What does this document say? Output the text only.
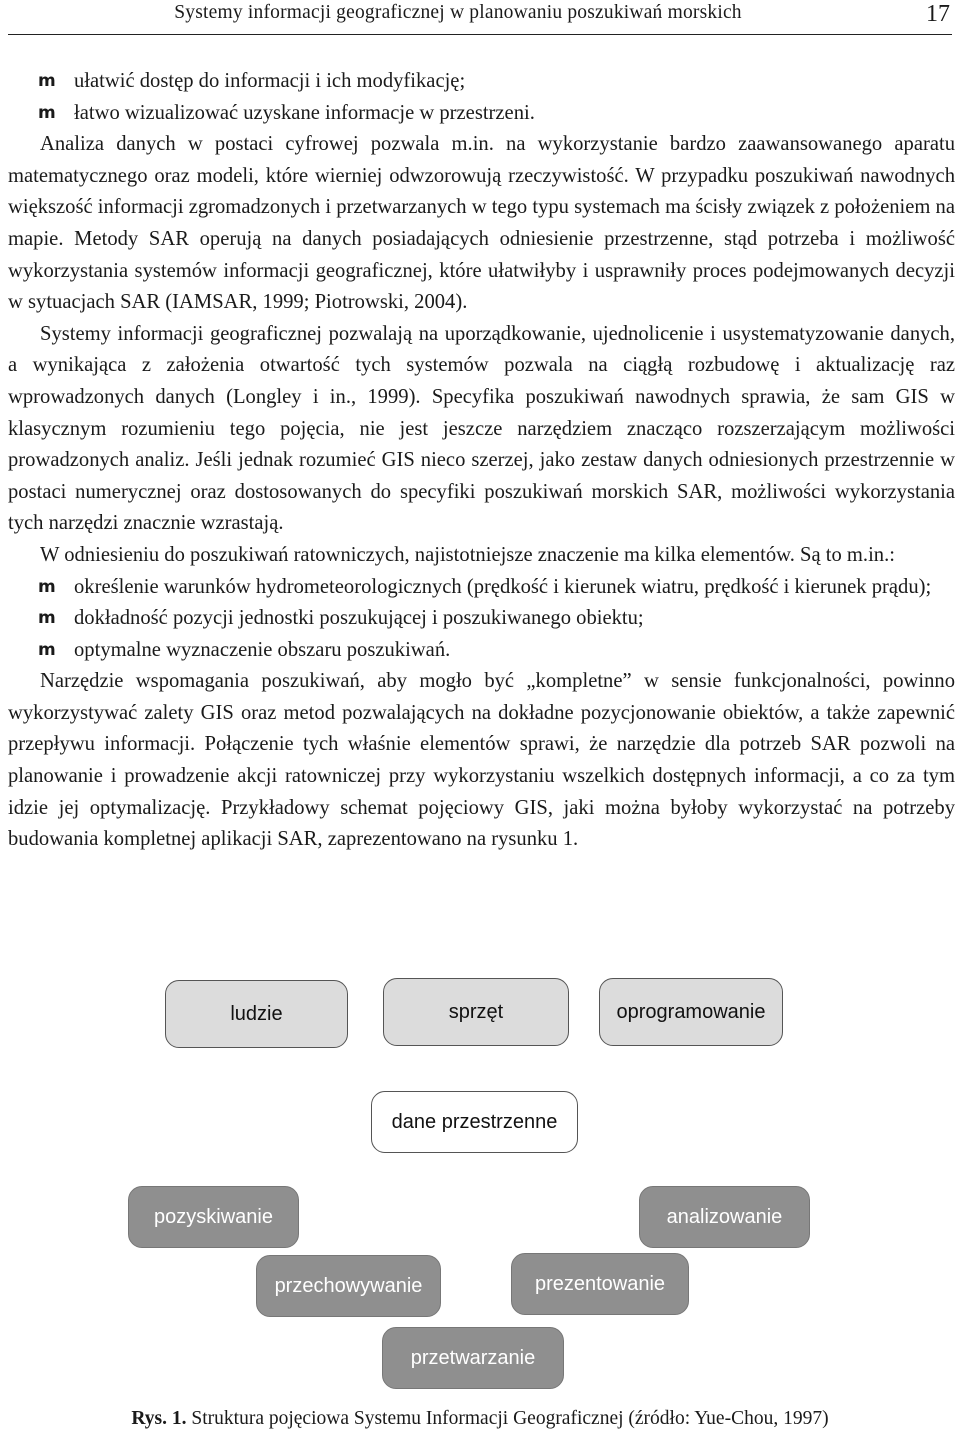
Systemy informacji geograficznej w planowaniu poszukiwań morskich	17
m ułatwić dostęp do informacji i ich modyfikację;
m łatwo wizualizować uzyskane informacje w przestrzeni.

Analiza danych w postaci cyfrowej pozwala m.in. na wykorzystanie bardzo zaawansowanego aparatu matematycznego oraz modeli, które wierniej odwzorowują rzeczywistość. W przypadku poszukiwań nawodnych większość informacji zgromadzonych i przetwarzanych w tego typu systemach ma ścisły związek z położeniem na mapie. Metody SAR operują na danych posiadających odniesienie przestrzenne, stąd potrzeba i możliwość wykorzystania systemów informacji geograficznej, które ułatwiłyby i usprawniły proces podejmowanych decyzji w sytuacjach SAR (IAMSAR, 1999; Piotrowski, 2004).

Systemy informacji geograficznej pozwalają na uporządkowanie, ujednolicenie i usystematyzowanie danych, a wynikająca z założenia otwartość tych systemów pozwala na ciągłą rozbudowę i aktualizację raz wprowadzonych danych (Longley i in., 1999). Specyfika poszukiwań nawodnych sprawia, że sam GIS w klasycznym rozumieniu tego pojęcia, nie jest jeszcze narzędziem znacząco rozszerzającym możliwości prowadzonych analiz. Jeśli jednak rozumieć GIS nieco szerzej, jako zestaw danych odniesionych przestrzennie w postaci numerycznej oraz dostosowanych do specyfiki poszukiwań morskich SAR, możliwości wykorzystania tych narzędzi znacznie wzrastają.

W odniesieniu do poszukiwań ratowniczych, najistotniejsze znaczenie ma kilka elementów. Są to m.in.:

m określenie warunków hydrometeorologicznych (prędkość i kierunek wiatru, prędkość i kierunek prądu);
m dokładność pozycji jednostki poszukującej i poszukiwanego obiektu;
m optymalne wyznaczenie obszaru poszukiwań.

Narzędzie wspomagania poszukiwań, aby mogło być „kompletne” w sensie funkcjonalności, powinno wykorzystywać zalety GIS oraz metod pozwalających na dokładne pozycjonowanie obiektów, a także zapewnić przepływu informacji. Połączenie tych właśnie elementów sprawi, że narzędzie dla potrzeb SAR pozwoli na planowanie i prowadzenie akcji ratowniczej przy wykorzystaniu wszelkich dostępnych informacji, a co za tym idzie jej optymalizację. Przykładowy schemat pojęciowy GIS, jaki można byłoby wykorzystać na potrzeby budowania kompletnej aplikacji SAR, zaprezentowano na rysunku 1.

ludzie	sprzęt	oprogramowanie
dane przestrzenne
pozyskiwanie	analizowanie
przechowywanie	prezentowanie
przetwarzanie
Rys. 1. Struktura pojęciowa Systemu Informacji Geograficznej (źródło: Yue-Chou, 1997)
